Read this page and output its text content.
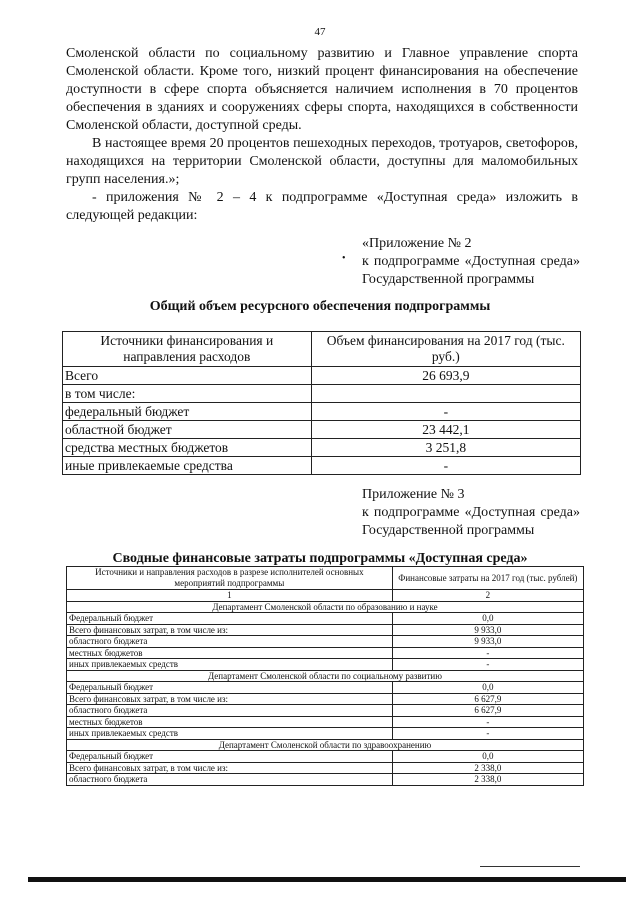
47

Смоленской области по социальному развитию и Главное управление спорта Смоленской области. Кроме того, низкий процент финансирования на обеспечение доступности в сфере спорта объясняется наличием исполнения в 70 процентов обеспечения в зданиях и сооружениях сферы спорта, находящихся в собственности Смоленской области, доступной среды.

В настоящее время 20 процентов пешеходных переходов, тротуаров, светофоров, находящихся на территории Смоленской области, доступны для маломобильных групп населения.»;

- приложения № 2 – 4 к подпрограмме «Доступная среда» изложить в следующей редакции:

«Приложение № 2
к подпрограмме «Доступная среда»
Государственной программы
•
Общий объем ресурсного обеспечения подпрограммы
Источники финансирования и направления расходов	Объем финансирования на 2017 год (тыс. руб.)
Всего	26 693,9
в том числе:	
федеральный бюджет	-
областной бюджет	23 442,1
средства местных бюджетов	3 251,8
иные привлекаемые средства	-
Приложение № 3
к подпрограмме «Доступная среда»
Государственной программы
Сводные финансовые затраты подпрограммы «Доступная среда»
Источники и направления расходов в разрезе исполнителей основных мероприятий подпрограммы	Финансовые затраты на 2017 год (тыс. рублей)
1	2
Департамент Смоленской области по образованию и науке	
Федеральный бюджет	0,0
Всего финансовых затрат, в том числе из:	9 933,0
областного бюджета	9 933,0
местных бюджетов	-
иных привлекаемых средств	-
Департамент Смоленской области по социальному развитию	
Федеральный бюджет	0,0
Всего финансовых затрат, в том числе из:	6 627,9
областного бюджета	6 627,9
местных бюджетов	-
иных привлекаемых средств	-
Департамент Смоленской области по здравоохранению	
Федеральный бюджет	0,0
Всего финансовых затрат, в том числе из:	2 338,0
областного бюджета	2 338,0
